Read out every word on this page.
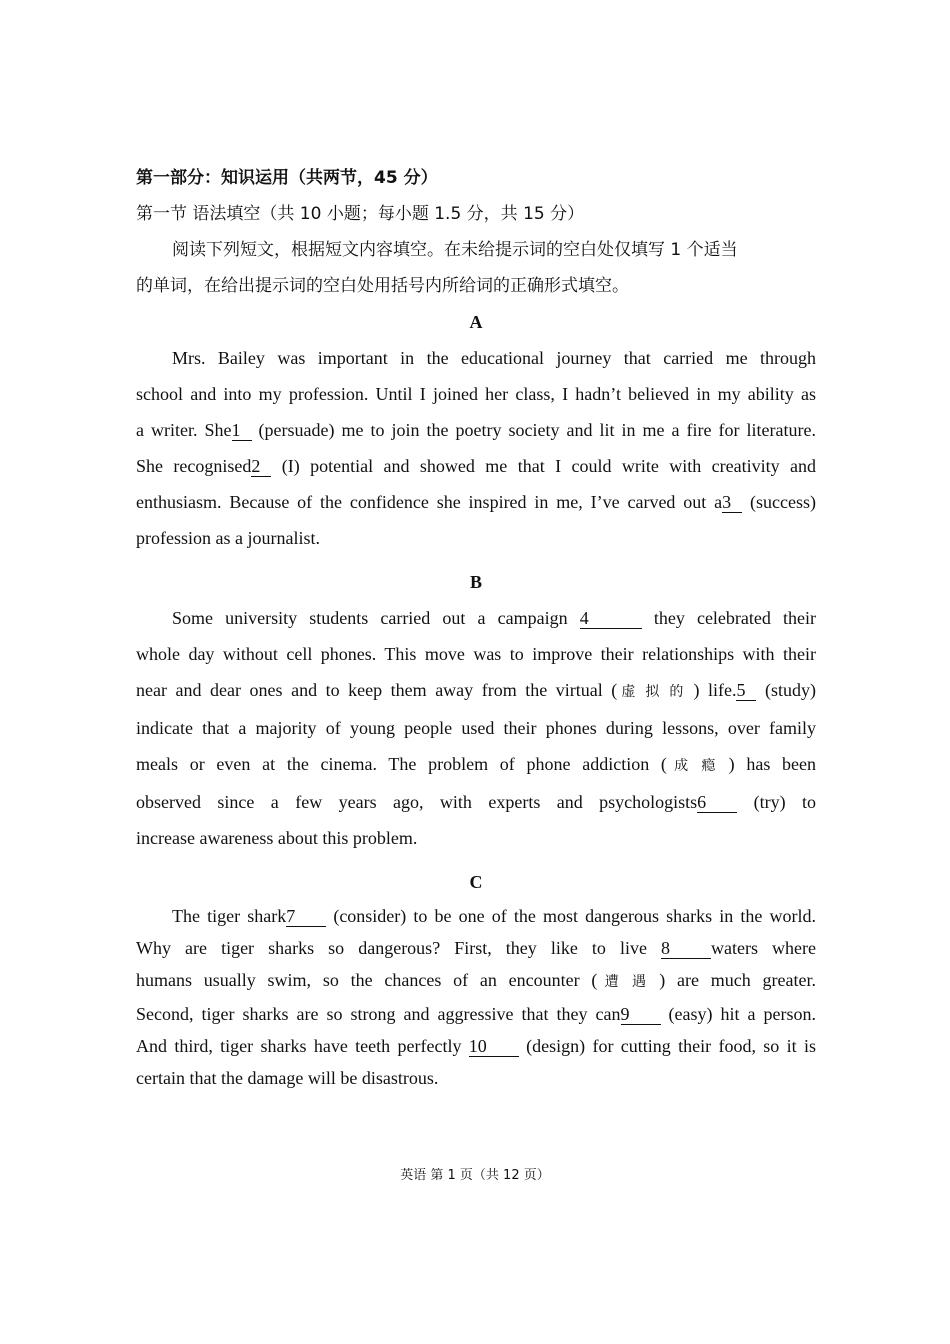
第一部分：知识运用（共两节，45 分）
第一节 语法填空（共 10 小题；每小题 1.5 分，共 15 分）
阅读下列短文，根据短文内容填空。在未给提示词的空白处仅填写 1 个适当
的单词，在给出提示词的空白处用括号内所给词的正确形式填空。
A
Mrs. Bailey was important in the educational journey that carried me through
school and into my profession. Until I joined her class, I hadn’t believed in my ability as
a writer. She1 (persuade) me to join the poetry society and lit in me a fire for literature.
She recognised2 (I) potential and showed me that I could write with creativity and
enthusiasm. Because of the confidence she inspired in me, I’ve carved out a3 (success)
profession as a journalist.
B
Some university students carried out a campaign 4	they celebrated their
whole day without cell phones. This move was to improve their relationships with their
near and dear ones and to keep them away from the virtual (虚拟的) life.5 (study)
indicate that a majority of young people used their phones during lessons, over family
meals or even at the cinema. The problem of phone addiction (成瘾) has been
observed since a few years ago, with experts and psychologists6 (try) to
increase awareness about this problem.
C
The tiger shark7 (consider) to be one of the most dangerous sharks in the world.
Why are tiger sharks so dangerous? First, they like to live 8 waters where
humans usually swim, so the chances of an encounter (遭遇) are much greater.
Second, tiger sharks are so strong and aggressive that they can9 (easy) hit a person.
And third, tiger sharks have teeth perfectly 10 (design) for cutting their food, so it is
certain that the damage will be disastrous.
英语 第 1 页（共 12 页）
